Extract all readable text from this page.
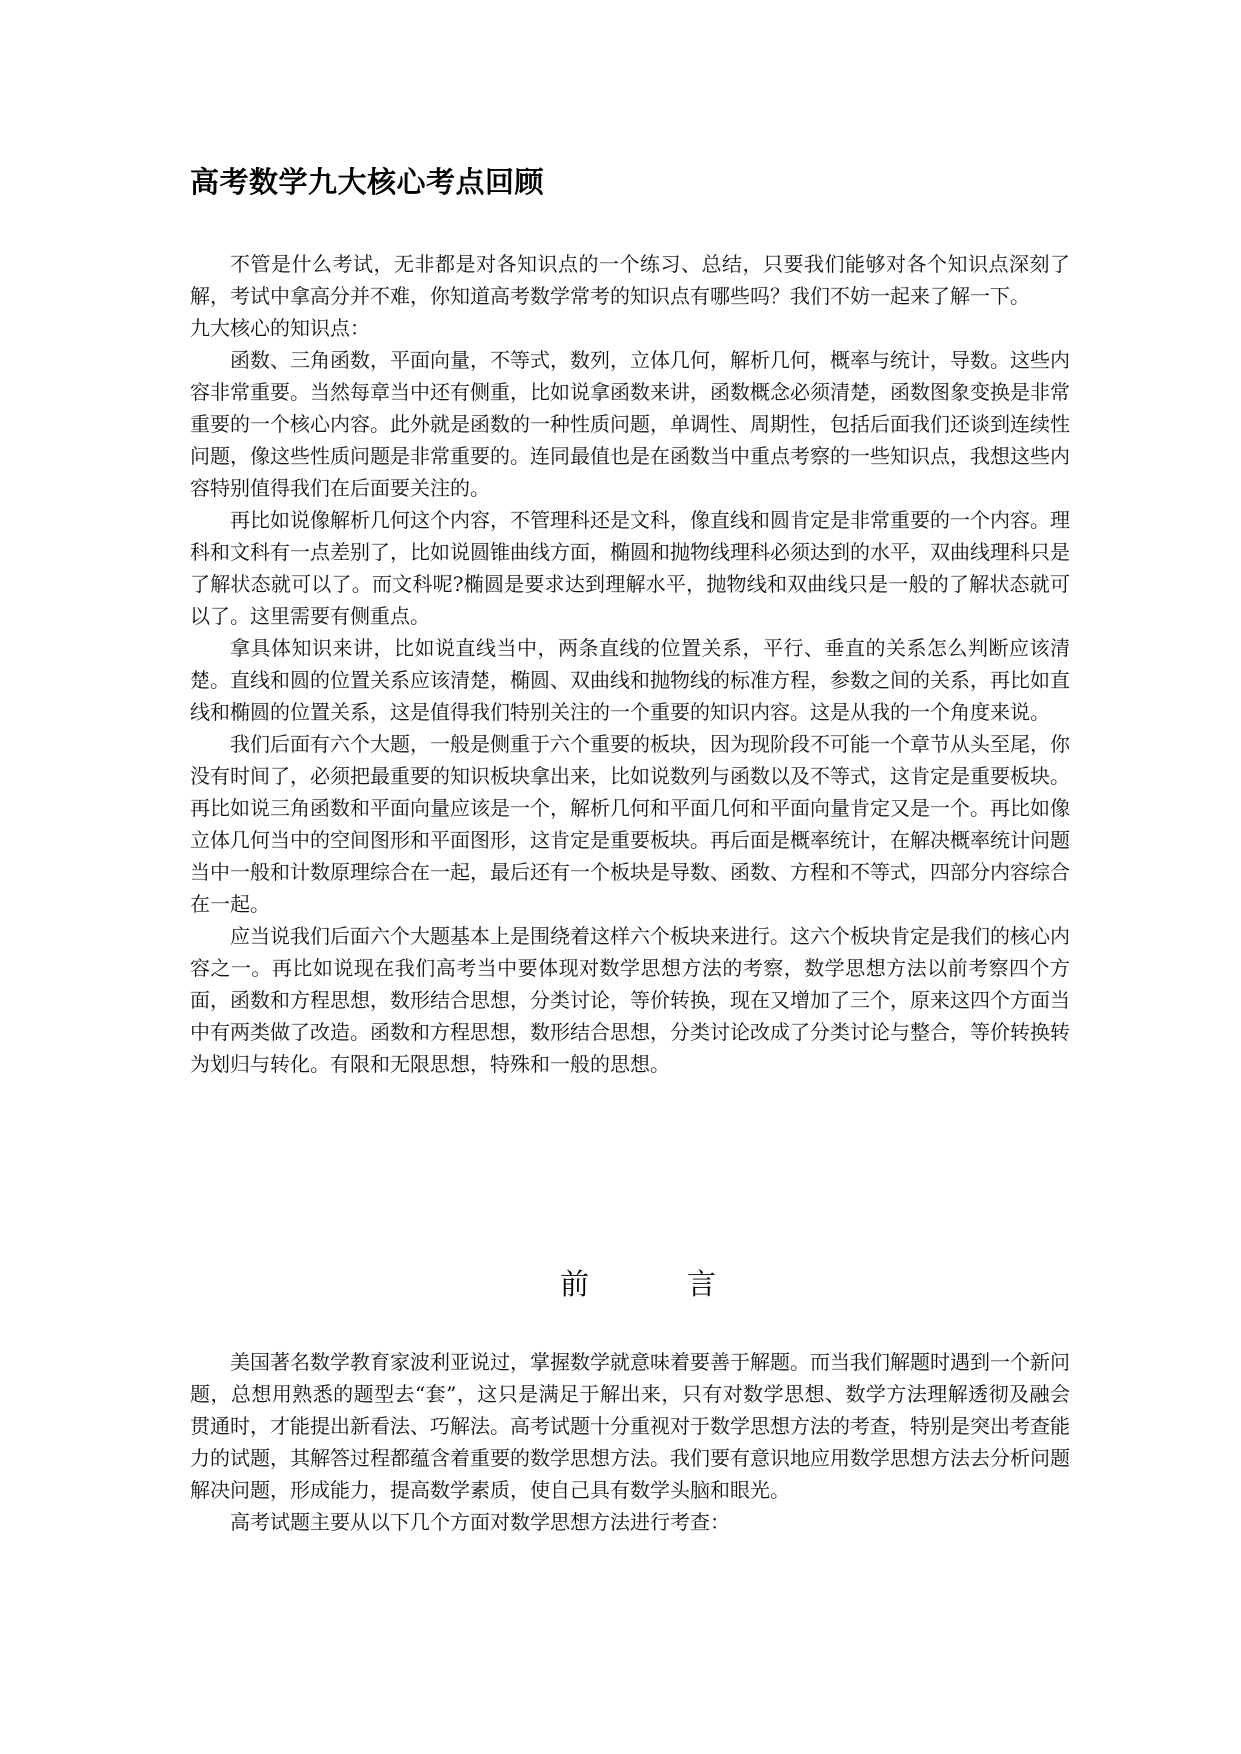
高考数学九大核心考点回顾

不管是什么考试，无非都是对各知识点的一个练习、总结，只要我们能够对各个知识点深刻了解，考试中拿高分并不难，你知道高考数学常考的知识点有哪些吗？我们不妨一起来了解一下。

九大核心的知识点：

函数、三角函数，平面向量，不等式，数列，立体几何，解析几何，概率与统计，导数。这些内容非常重要。当然每章当中还有侧重，比如说拿函数来讲，函数概念必须清楚，函数图象变换是非常重要的一个核心内容。此外就是函数的一种性质问题，单调性、周期性，包括后面我们还谈到连续性问题，像这些性质问题是非常重要的。连同最值也是在函数当中重点考察的一些知识点，我想这些内容特别值得我们在后面要关注的。

再比如说像解析几何这个内容，不管理科还是文科，像直线和圆肯定是非常重要的一个内容。理科和文科有一点差别了，比如说圆锥曲线方面，椭圆和抛物线理科必须达到的水平，双曲线理科只是了解状态就可以了。而文科呢?椭圆是要求达到理解水平，抛物线和双曲线只是一般的了解状态就可以了。这里需要有侧重点。

拿具体知识来讲，比如说直线当中，两条直线的位置关系，平行、垂直的关系怎么判断应该清楚。直线和圆的位置关系应该清楚，椭圆、双曲线和抛物线的标准方程，参数之间的关系，再比如直线和椭圆的位置关系，这是值得我们特别关注的一个重要的知识内容。这是从我的一个角度来说。

我们后面有六个大题，一般是侧重于六个重要的板块，因为现阶段不可能一个章节从头至尾，你没有时间了，必须把最重要的知识板块拿出来，比如说数列与函数以及不等式，这肯定是重要板块。再比如说三角函数和平面向量应该是一个，解析几何和平面几何和平面向量肯定又是一个。再比如像立体几何当中的空间图形和平面图形，这肯定是重要板块。再后面是概率统计，在解决概率统计问题当中一般和计数原理综合在一起，最后还有一个板块是导数、函数、方程和不等式，四部分内容综合在一起。

应当说我们后面六个大题基本上是围绕着这样六个板块来进行。这六个板块肯定是我们的核心内容之一。再比如说现在我们高考当中要体现对数学思想方法的考察，数学思想方法以前考察四个方面，函数和方程思想，数形结合思想，分类讨论，等价转换，现在又增加了三个，原来这四个方面当中有两类做了改造。函数和方程思想，数形结合思想，分类讨论改成了分类讨论与整合，等价转换转为划归与转化。有限和无限思想，特殊和一般的思想。

前言

美国著名数学教育家波利亚说过，掌握数学就意味着要善于解题。而当我们解题时遇到一个新问题，总想用熟悉的题型去“套”，这只是满足于解出来，只有对数学思想、数学方法理解透彻及融会贯通时，才能提出新看法、巧解法。高考试题十分重视对于数学思想方法的考查，特别是突出考查能力的试题，其解答过程都蕴含着重要的数学思想方法。我们要有意识地应用数学思想方法去分析问题解决问题，形成能力，提高数学素质，使自己具有数学头脑和眼光。

高考试题主要从以下几个方面对数学思想方法进行考查：
